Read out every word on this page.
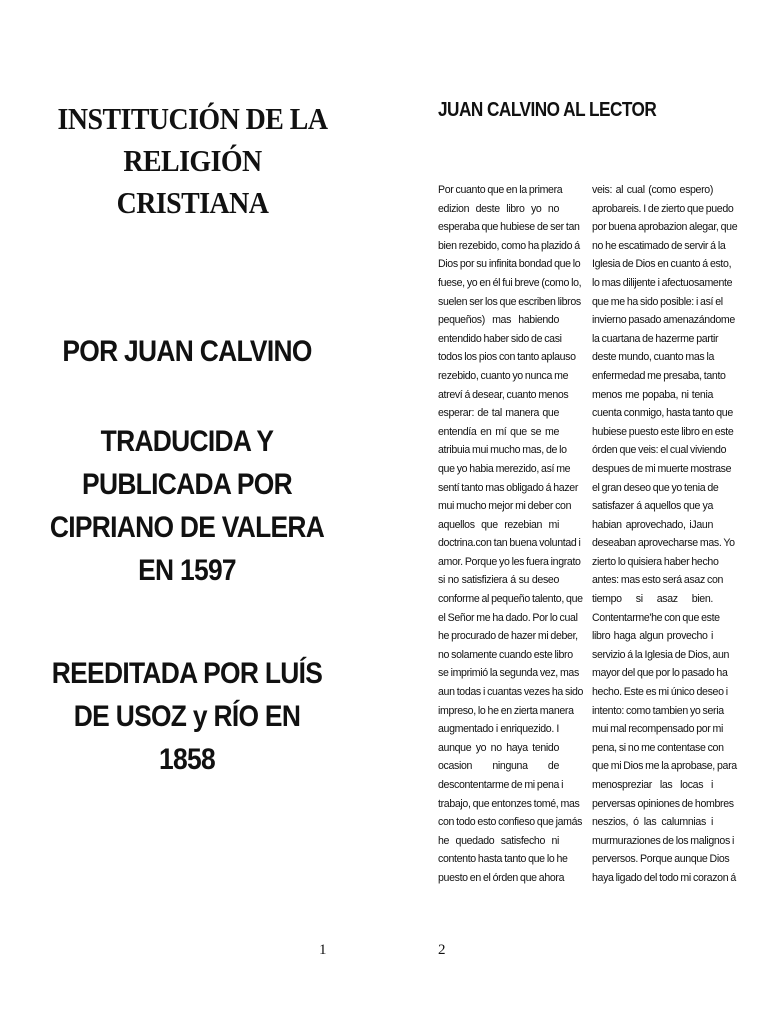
INSTITUCIÓN DE LA
RELIGIÓN CRISTIANA
POR JUAN CALVINO
TRADUCIDA Y
PUBLICADA POR
CIPRIANO DE VALERA
EN 1597
REEDITADA POR LUÍS
DE USOZ y RÍO EN 1858
1
JUAN CALVINO AL LECTOR
Por cuanto que en la primera
edizion deste libro yo no
esperaba que hubiese de ser tan
bien rezebido, como ha plazido á
Dios por su infinita bondad que lo
fuese, yo en él fui breve (como lo,
suelen ser los que escriben libros
pequeños) mas habiendo
entendido haber sido de casi
todos los pios con tanto aplauso
rezebido, cuanto yo nunca me
atreví á desear, cuanto menos
esperar: de tal manera que
entendía en mí que se me
atribuia mui mucho mas, de lo
que yo habia merezido, así me
sentí tanto mas obligado á hazer
mui mucho mejor mi deber con
aquellos que rezebian mi
doctrina.con tan buena voluntad i
amor. Porque yo les fuera ingrato
si no satisfiziera á su deseo
conforme al pequeño talento, que
el Señor me ha dado. Por lo cual
he procurado de hazer mi deber,
no solamente cuando este libro
se imprimió la segunda vez, mas
aun todas i cuantas vezes ha sido
impreso, lo he en zierta manera
augmentado i enriquezido. I
aunque yo no haya tenido
ocasion ninguna de
descontentarme de mi pena i
trabajo, que entonzes tomé, mas
con todo esto confieso que jamás
he quedado satisfecho ni
contento hasta tanto que lo he
puesto en el órden que ahora
veis: al cual (como espero)
aprobareis. I de zierto que puedo
por buena aprobazion alegar, que
no he escatimado de servir á la
Iglesia de Dios en cuanto á esto,
lo mas dilijente i afectuosamente
que me ha sido posible: i así el
invierno pasado amenazándome
la cuartana de hazerme partir
deste mundo, cuanto mas la
enfermedad me presaba, tanto
menos me popaba, ni tenia
cuenta conmigo, hasta tanto que
hubiese puesto este libro en este
órden que veis: el cual viviendo
despues de mi muerte mostrase
el gran deseo que yo tenia de
satisfazer á aquellos que ya
habian aprovechado, iJaun
deseaban aprovecharse mas. Yo
zierto lo quisiera haber hecho
antes: mas esto será asaz con
tiempo si asaz bien.
Contentarme'he con que este
libro haga algun provecho i
servizio á la Iglesia de Dios, aun
mayor del que por lo pasado ha
hecho. Este es mi único deseo i
intento: como tambien yo seria
mui mal recompensado por mi
pena, si no me contentase con
que mi Dios me la aprobase, para
menospreziar las locas i
perversas opiniones de hombres
neszios, ó las calumnias i
murmuraziones de los malignos i
perversos. Porque aunque Dios
haya ligado del todo mi corazon á
2
